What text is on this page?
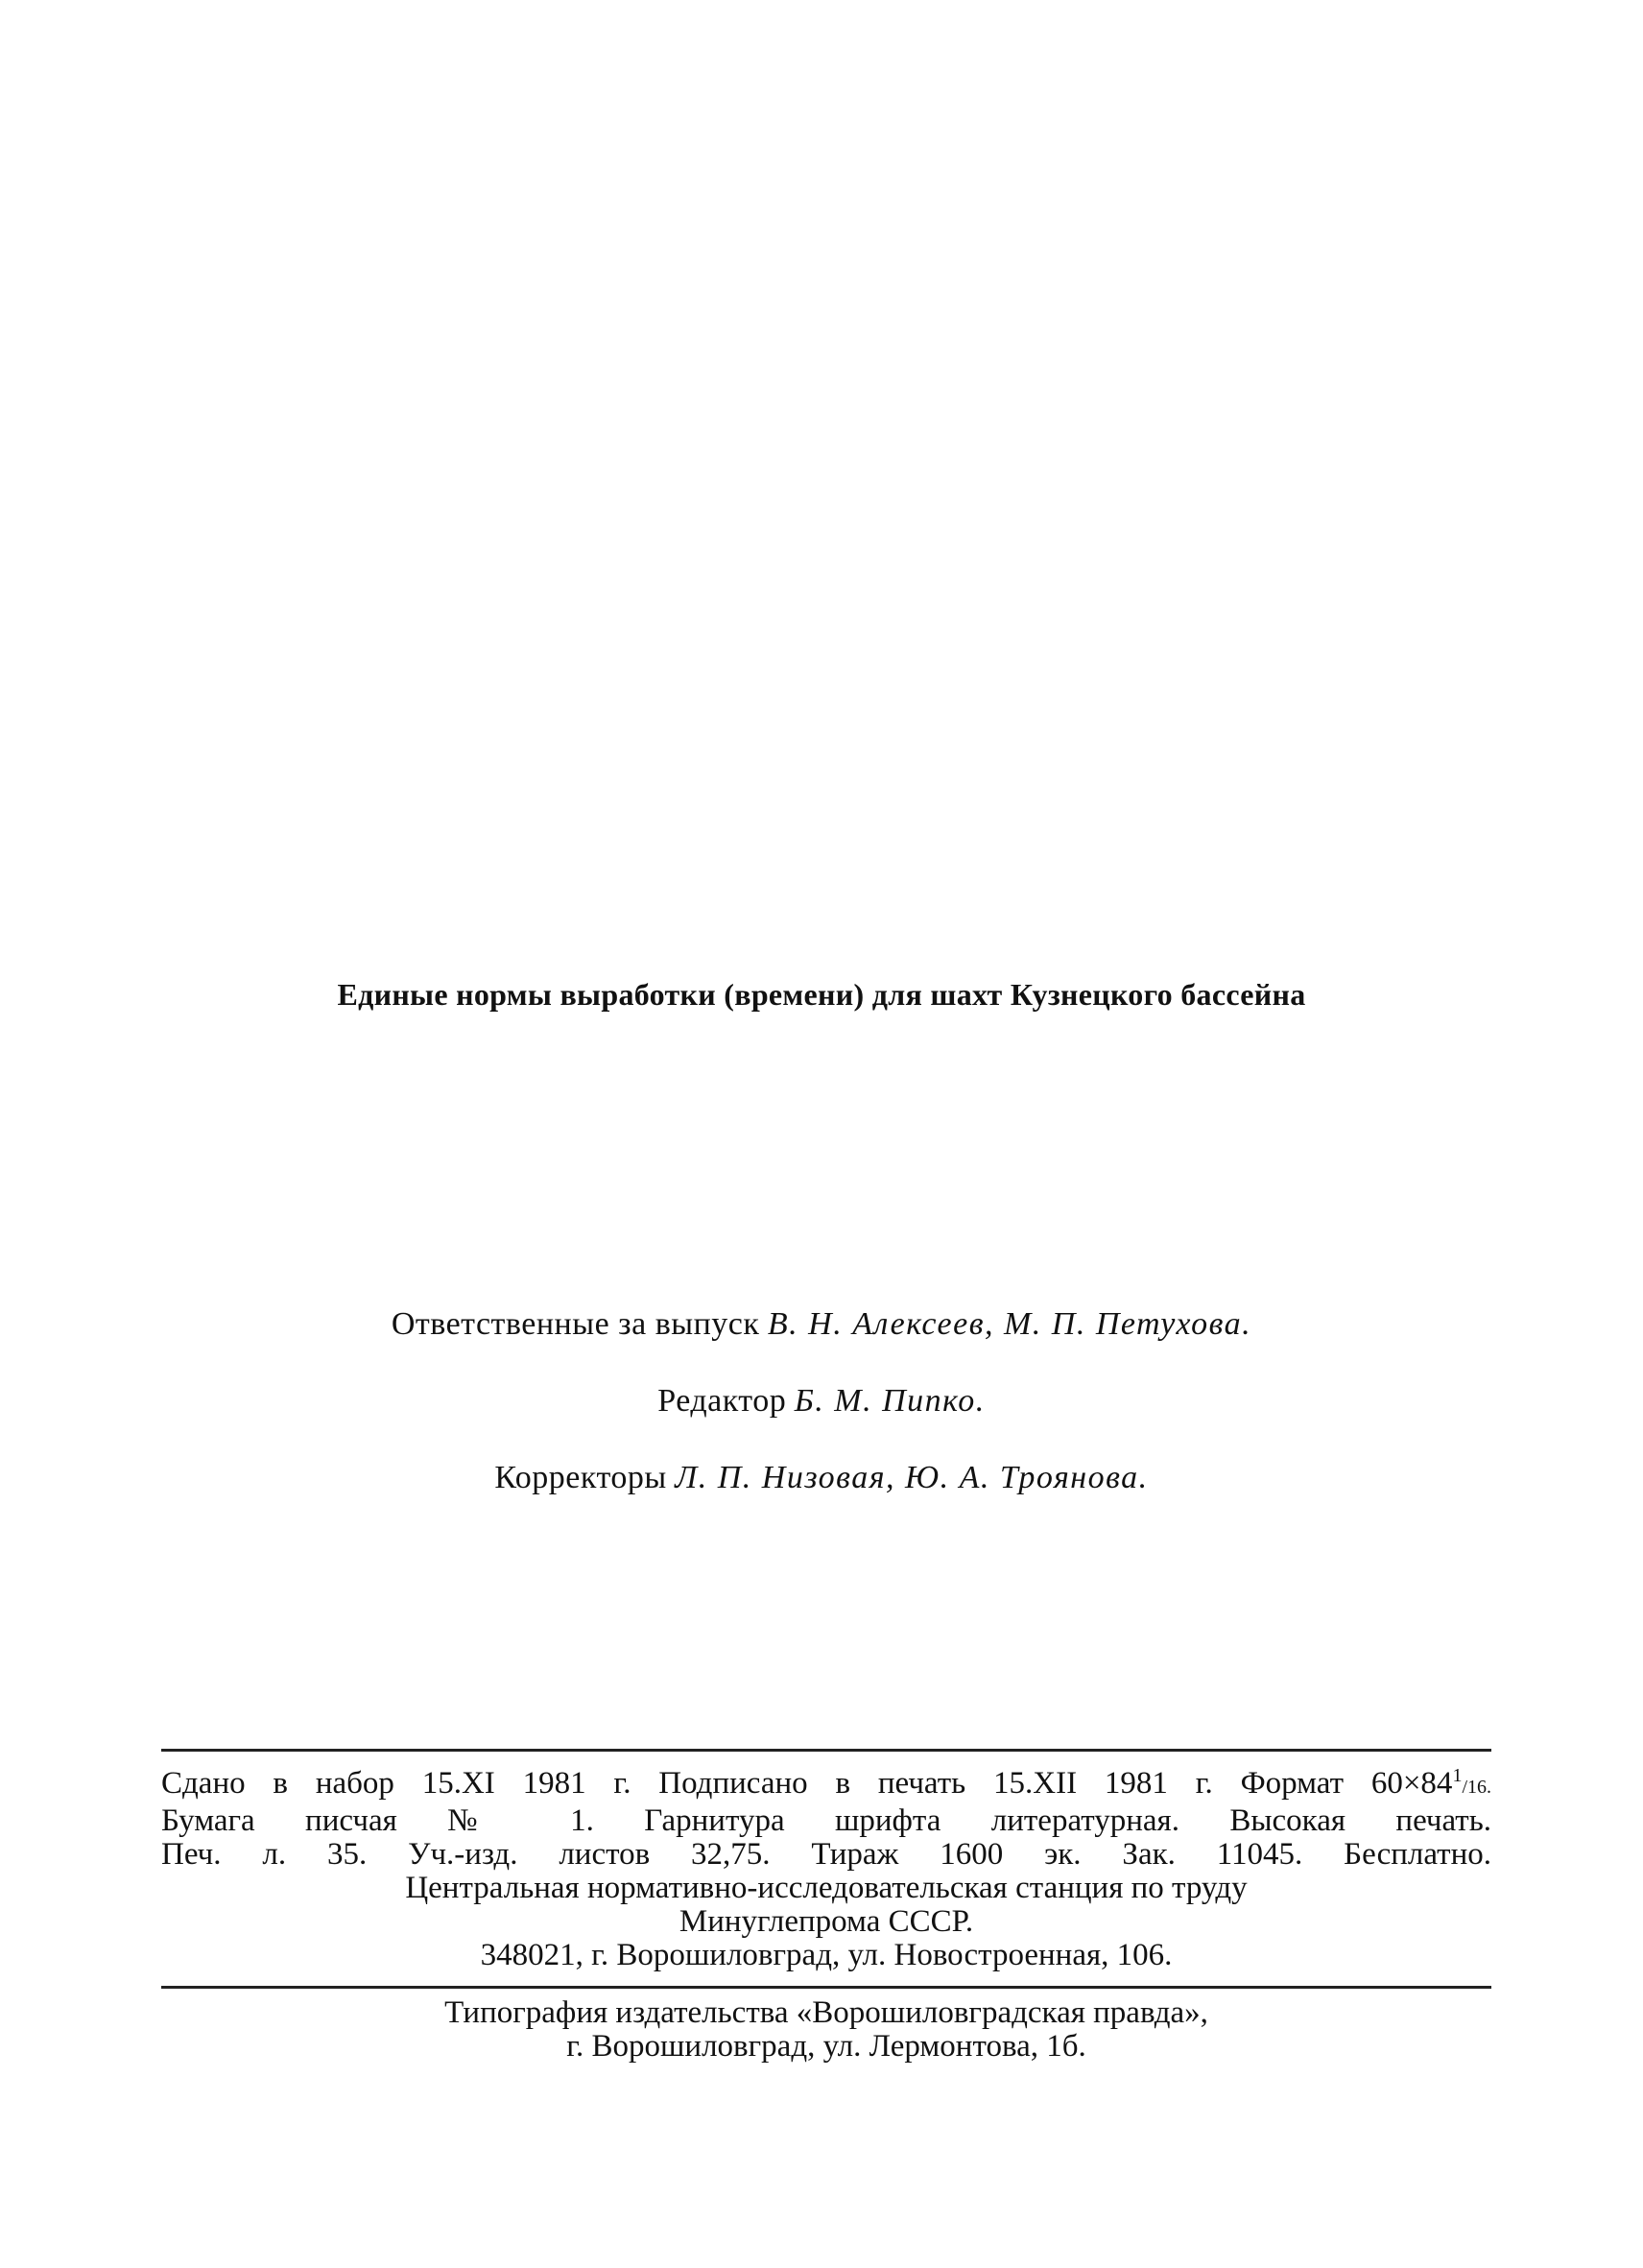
Единые нормы выработки (времени) для шахт Кузнецкого бассейна
Ответственные за выпуск В. Н. Алексеев, М. П. Петухова.
Редактор Б. М. Пипко.
Корректоры Л. П. Низовая, Ю. А. Троянова.
Сдано в набор 15.XI 1981 г. Подписано в печать 15.XII 1981 г. Формат $60\times 84^1/16$.
Бумага писчая № 1. Гарнитура шрифта литературная. Высокая печать.
Печ. л. 35. Уч.-изд. листов 32,75. Тираж 1600 эк. Зак. 11045. Бесплатно.
Центральная нормативно-исследовательская станция по труду
Минуглепрома СССР.
348021, г. Ворошиловград, ул. Новостроенная, 106.
Типография издательства «Ворошиловградская правда»,
г. Ворошиловград, ул. Лермонтова, 1б.
